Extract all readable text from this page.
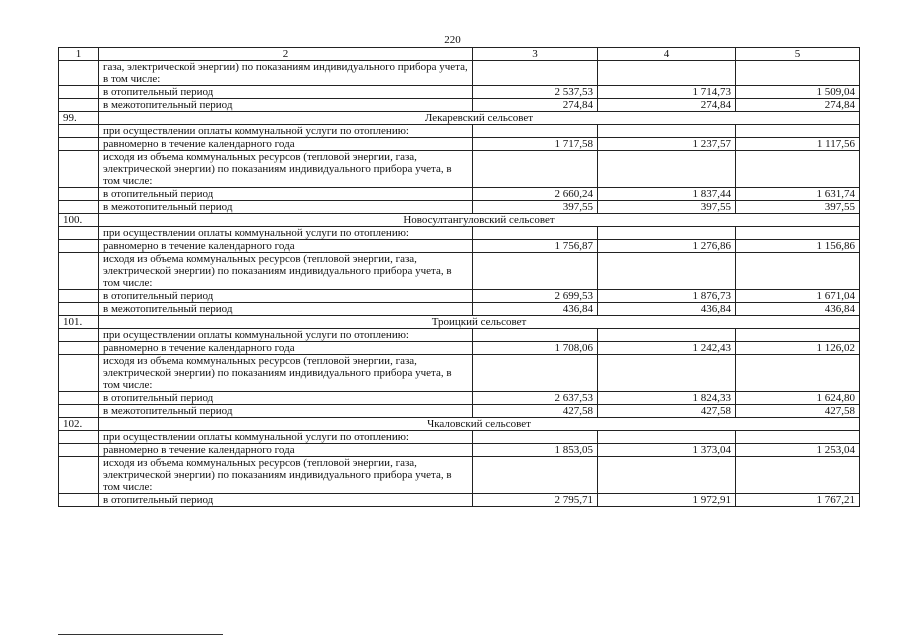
220
1	2	3	4	5
	газа, электрической энергии) по показаниям индивидуального прибора учета, в том числе:			
	в отопительный период	2 537,53	1 714,73	1 509,04
	в межотопительный период	274,84	274,84	274,84
99.	Лекаревский сельсовет			
	при осуществлении оплаты коммунальной услуги по отоплению:			
	равномерно в течение календарного года	1 717,58	1 237,57	1 117,56
	исходя из объема коммунальных ресурсов (тепловой энергии, газа, электрической энергии) по показаниям индивидуального прибора учета, в том числе:			
	в отопительный период	2 660,24	1 837,44	1 631,74
	в межотопительный период	397,55	397,55	397,55
100.	Новосултангуловский сельсовет			
	при осуществлении оплаты коммунальной услуги по отоплению:			
	равномерно в течение календарного года	1 756,87	1 276,86	1 156,86
	исходя из объема коммунальных ресурсов (тепловой энергии, газа, электрической энергии) по показаниям индивидуального прибора учета, в том числе:			
	в отопительный период	2 699,53	1 876,73	1 671,04
	в межотопительный период	436,84	436,84	436,84
101.	Троицкий сельсовет			
	при осуществлении оплаты коммунальной услуги по отоплению:			
	равномерно в течение календарного года	1 708,06	1 242,43	1 126,02
	исходя из объема коммунальных ресурсов (тепловой энергии, газа, электрической энергии) по показаниям индивидуального прибора учета, в том числе:			
	в отопительный период	2 637,53	1 824,33	1 624,80
	в межотопительный период	427,58	427,58	427,58
102.	Чкаловский сельсовет			
	при осуществлении оплаты коммунальной услуги по отоплению:			
	равномерно в течение календарного года	1 853,05	1 373,04	1 253,04
	исходя из объема коммунальных ресурсов (тепловой энергии, газа, электрической энергии) по показаниям индивидуального прибора учета, в том числе:			
	в отопительный период	2 795,71	1 972,91	1 767,21
